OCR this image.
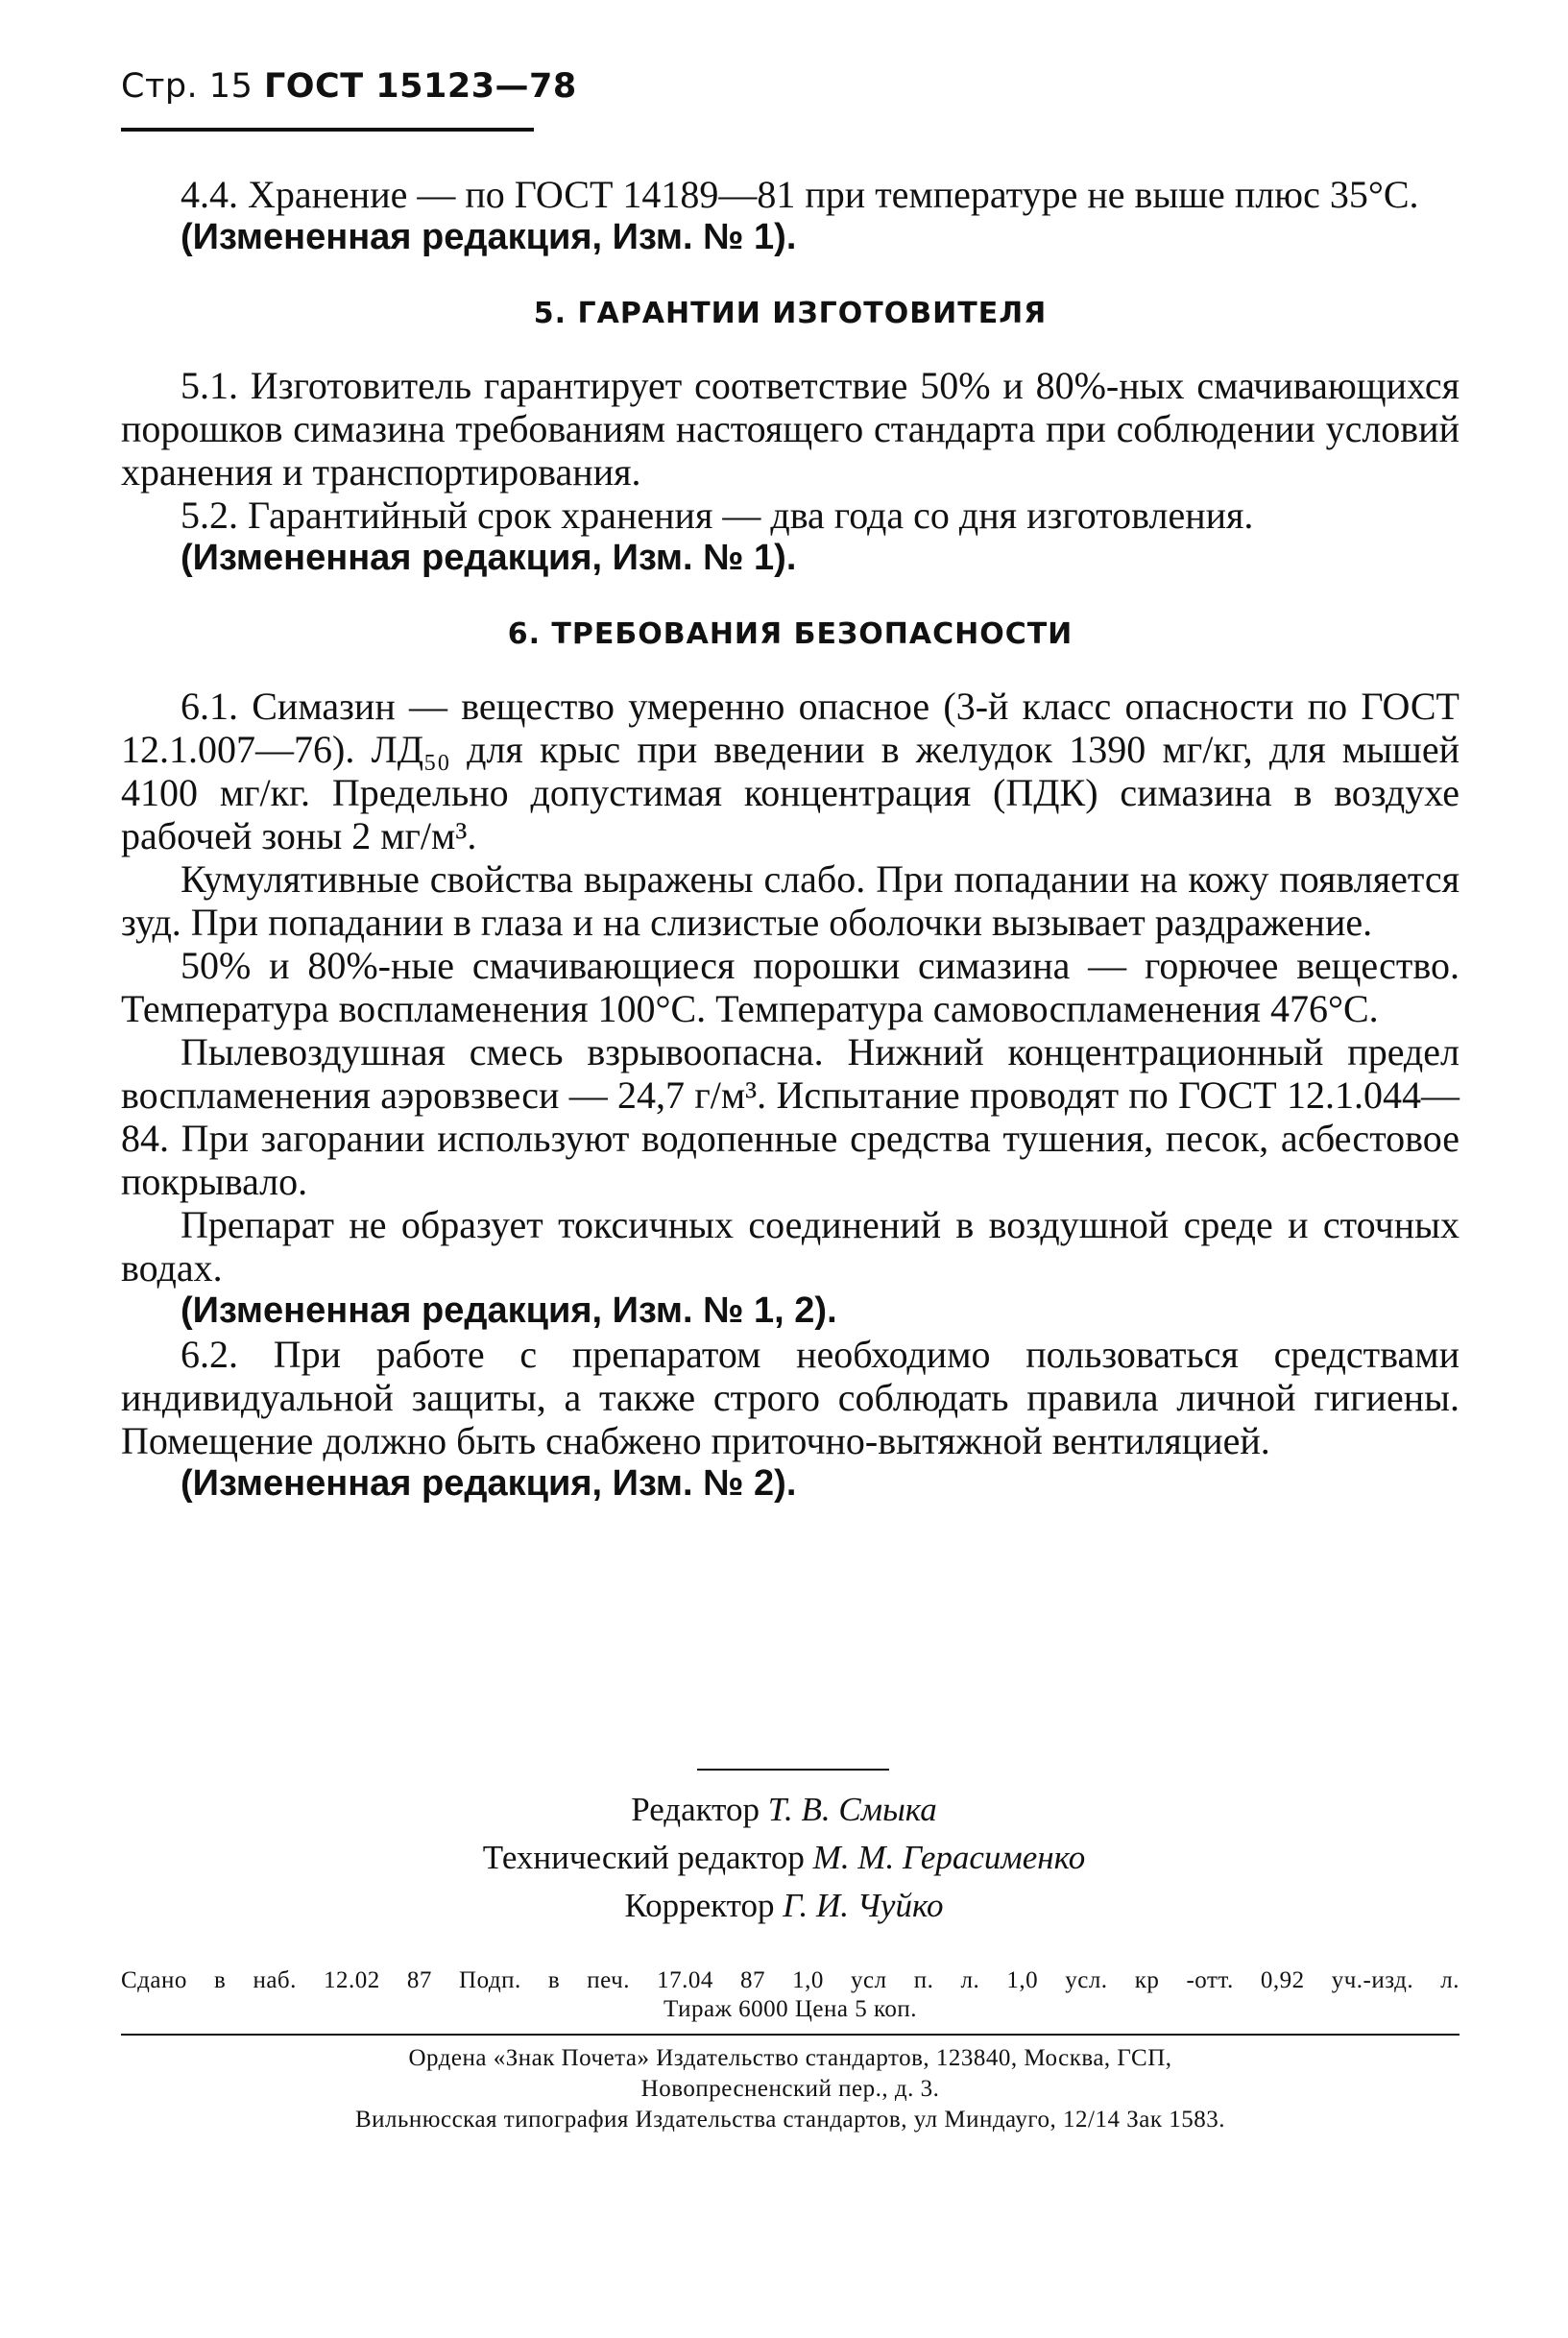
Стр. 15 ГОСТ 15123—78

4.4. Хранение — по ГОСТ 14189—81 при температуре не выше плюс 35°С.

(Измененная редакция, Изм. № 1).

5. ГАРАНТИИ ИЗГОТОВИТЕЛЯ

5.1. Изготовитель гарантирует соответствие 50% и 80%-ных смачивающихся порошков симазина требованиям настоящего стандарта при соблюдении условий хранения и транспортирования.

5.2. Гарантийный срок хранения — два года со дня изготовления.

(Измененная редакция, Изм. № 1).

6. ТРЕБОВАНИЯ БЕЗОПАСНОСТИ

6.1. Симазин — вещество умеренно опасное (3-й класс опасности по ГОСТ 12.1.007—76). ЛД₅₀ для крыс при введении в желудок 1390 мг/кг, для мышей 4100 мг/кг. Предельно допустимая концентрация (ПДК) симазина в воздухе рабочей зоны 2 мг/м³.

Кумулятивные свойства выражены слабо. При попадании на кожу появляется зуд. При попадании в глаза и на слизистые оболочки вызывает раздражение.

50% и 80%-ные смачивающиеся порошки симазина — горючее вещество. Температура воспламенения 100°С. Температура самовоспламенения 476°С.

Пылевоздушная смесь взрывоопасна. Нижний концентрационный предел воспламенения аэровзвеси — 24,7 г/м³. Испытание проводят по ГОСТ 12.1.044—84. При загорании используют водопенные средства тушения, песок, асбестовое покрывало.

Препарат не образует токсичных соединений в воздушной среде и сточных водах.

(Измененная редакция, Изм. № 1, 2).

6.2. При работе с препаратом необходимо пользоваться средствами индивидуальной защиты, а также строго соблюдать правила личной гигиены. Помещение должно быть снабжено приточно-вытяжной вентиляцией.

(Измененная редакция, Изм. № 2).

Редактор Т. В. Смыка
Технический редактор М. М. Герасименко
Корректор Г. И. Чуйко
Сдано в наб. 12.02 87 Подп. в печ. 17.04 87 1,0 усл п. л. 1,0 усл. кр -отт. 0,92 уч.-изд. л.
Тираж 6000 Цена 5 коп.
Ордена «Знак Почета» Издательство стандартов, 123840, Москва, ГСП,
Новопресненский пер., д. 3.
Вильнюсская типография Издательства стандартов, ул Миндауго, 12/14 Зак 1583.
